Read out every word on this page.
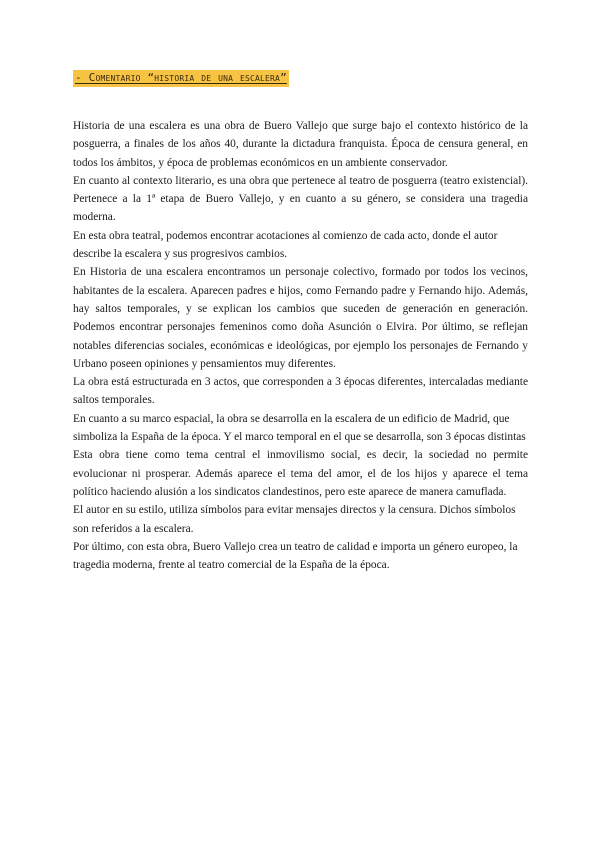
- Comentario “historia de una escalera”

Historia de una escalera es una obra de Buero Vallejo que surge bajo el contexto histórico de la posguerra, a finales de los años 40, durante la dictadura franquista. Época de censura general, en todos los ámbitos, y época de problemas económicos en un ambiente conservador.

En cuanto al contexto literario, es una obra que pertenece al teatro de posguerra (teatro existencial). Pertenece a la 1ª etapa de Buero Vallejo, y en cuanto a su género, se considera una tragedia moderna.

En esta obra teatral, podemos encontrar acotaciones al comienzo de cada acto, donde el autor describe la escalera y sus progresivos cambios.

En Historia de una escalera encontramos un personaje colectivo, formado por todos los vecinos, habitantes de la escalera. Aparecen padres e hijos, como Fernando padre y Fernando hijo. Además, hay saltos temporales, y se explican los cambios que suceden de generación en generación. Podemos encontrar personajes femeninos como doña Asunción o Elvira. Por último, se reflejan notables diferencias sociales, económicas e ideológicas, por ejemplo los personajes de Fernando y Urbano poseen opiniones y pensamientos muy diferentes.

La obra está estructurada en 3 actos, que corresponden a 3 épocas diferentes, intercaladas mediante saltos temporales.

En cuanto a su marco espacial, la obra se desarrolla en la escalera de un edificio de Madrid, que simboliza la España de la época. Y el marco temporal en el que se desarrolla, son 3 épocas distintas

Esta obra tiene como tema central el inmovilismo social, es decir, la sociedad no permite evolucionar ni prosperar. Además aparece el tema del amor, el de los hijos y aparece el tema político haciendo alusión a los sindicatos clandestinos, pero este aparece de manera camuflada.

El autor en su estilo, utiliza símbolos para evitar mensajes directos y la censura. Dichos símbolos son referidos a la escalera.

Por último, con esta obra, Buero Vallejo crea un teatro de calidad e importa un género europeo, la tragedia moderna, frente al teatro comercial de la España de la época.
